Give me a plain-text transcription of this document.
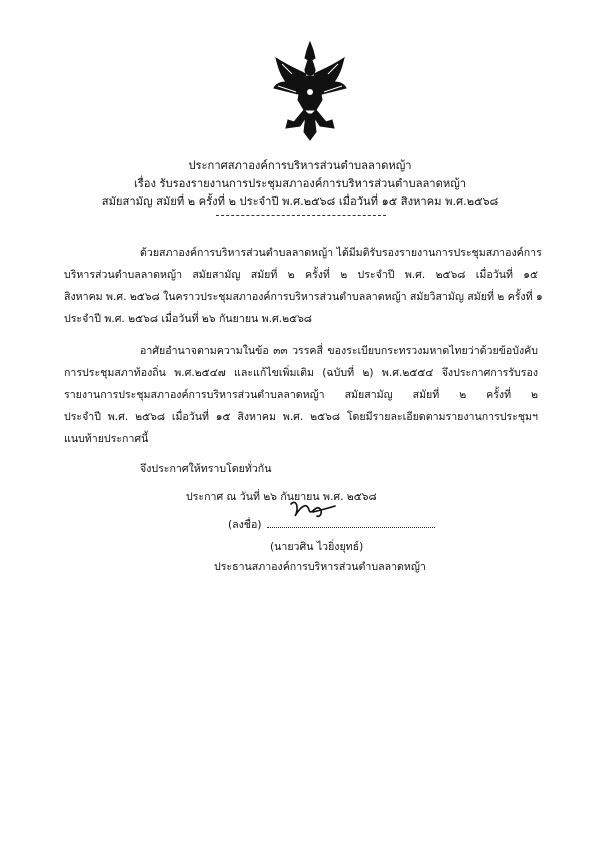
ประกาศสภาองค์การบริหารส่วนตำบลลาดหญ้า
เรื่อง รับรองรายงานการประชุมสภาองค์การบริหารส่วนตำบลลาดหญ้า
สมัยสามัญ สมัยที่ ๒ ครั้งที่ ๒ ประจำปี พ.ศ.๒๕๖๘ เมื่อวันที่ ๑๕ สิงหาคม พ.ศ.๒๕๖๘
ด้วยสภาองค์การบริหารส่วนตำบลลาดหญ้า ได้มีมติรับรองรายงานการประชุมสภาองค์การ
บริหารส่วนตำบลลาดหญ้า สมัยสามัญ สมัยที่ ๒ ครั้งที่ ๒ ประจำปี พ.ศ. ๒๕๖๘ เมื่อวันที่ ๑๕
สิงหาคม พ.ศ. ๒๕๖๘ ในคราวประชุมสภาองค์การบริหารส่วนตำบลลาดหญ้า สมัยวิสามัญ สมัยที่ ๒ ครั้งที่ ๑
ประจำปี พ.ศ. ๒๕๖๘ เมื่อวันที่ ๒๖ กันยายน พ.ศ.๒๕๖๘
อาศัยอำนาจตามความในข้อ ๓๓ วรรคสี่ ของระเบียบกระทรวงมหาดไทยว่าด้วยข้อบังคับ
การประชุมสภาท้องถิ่น พ.ศ.๒๕๔๗ และแก้ไขเพิ่มเติม (ฉบับที่ ๒) พ.ศ.๒๕๕๔ จึงประกาศการรับรอง
รายงานการประชุมสภาองค์การบริหารส่วนตำบลลาดหญ้า สมัยสามัญ สมัยที่ ๒ ครั้งที่ ๒
ประจำปี พ.ศ. ๒๕๖๘ เมื่อวันที่ ๑๕ สิงหาคม พ.ศ. ๒๕๖๘ โดยมีรายละเอียดตามรายงานการประชุมฯ
แนบท้ายประกาศนี้
จึงประกาศให้ทราบโดยทั่วกัน
ประกาศ ณ วันที่ ๒๖ กันยายน พ.ศ. ๒๕๖๘
(ลงชื่อ)
(นายวศิน ไวยิ่งยุทธ์)
ประธานสภาองค์การบริหารส่วนตำบลลาดหญ้า
